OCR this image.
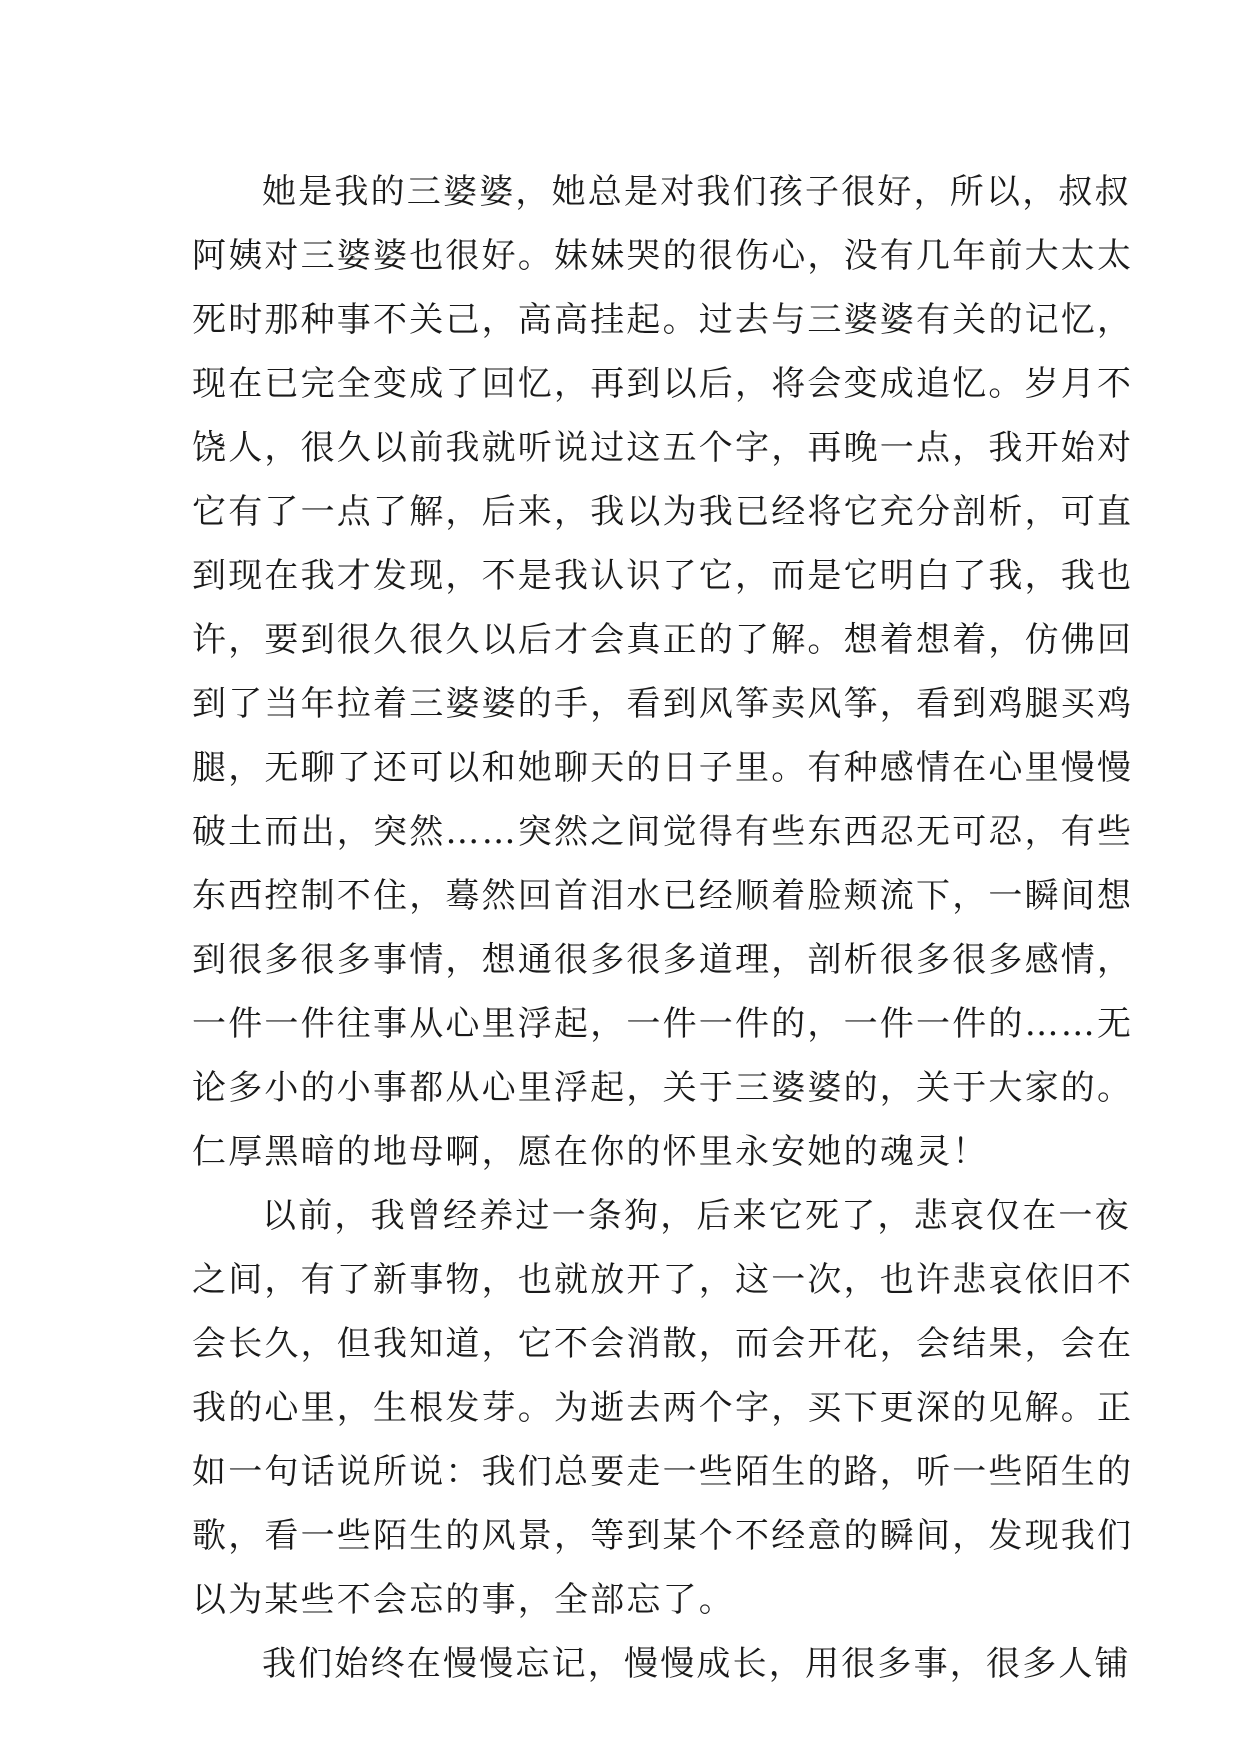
她是我的三婆婆，她总是对我们孩子很好，所以，叔叔
阿姨对三婆婆也很好。妹妹哭的很伤心，没有几年前大太太
死时那种事不关己，高高挂起。过去与三婆婆有关的记忆，
现在已完全变成了回忆，再到以后，将会变成追忆。岁月不
饶人，很久以前我就听说过这五个字，再晚一点，我开始对
它有了一点了解，后来，我以为我已经将它充分剖析，可直
到现在我才发现，不是我认识了它，而是它明白了我，我也
许，要到很久很久以后才会真正的了解。想着想着，仿佛回
到了当年拉着三婆婆的手，看到风筝卖风筝，看到鸡腿买鸡
腿，无聊了还可以和她聊天的日子里。有种感情在心里慢慢
破土而出，突然……突然之间觉得有些东西忍无可忍，有些
东西控制不住，蓦然回首泪水已经顺着脸颊流下，一瞬间想
到很多很多事情，想通很多很多道理，剖析很多很多感情，
一件一件往事从心里浮起，一件一件的，一件一件的……无
论多小的小事都从心里浮起，关于三婆婆的，关于大家的。
仁厚黑暗的地母啊，愿在你的怀里永安她的魂灵！
以前，我曾经养过一条狗，后来它死了，悲哀仅在一夜
之间，有了新事物，也就放开了，这一次，也许悲哀依旧不
会长久，但我知道，它不会消散，而会开花，会结果，会在
我的心里，生根发芽。为逝去两个字，买下更深的见解。正
如一句话说所说：我们总要走一些陌生的路，听一些陌生的
歌，看一些陌生的风景，等到某个不经意的瞬间，发现我们
以为某些不会忘的事，全部忘了。
我们始终在慢慢忘记，慢慢成长，用很多事，很多人铺
